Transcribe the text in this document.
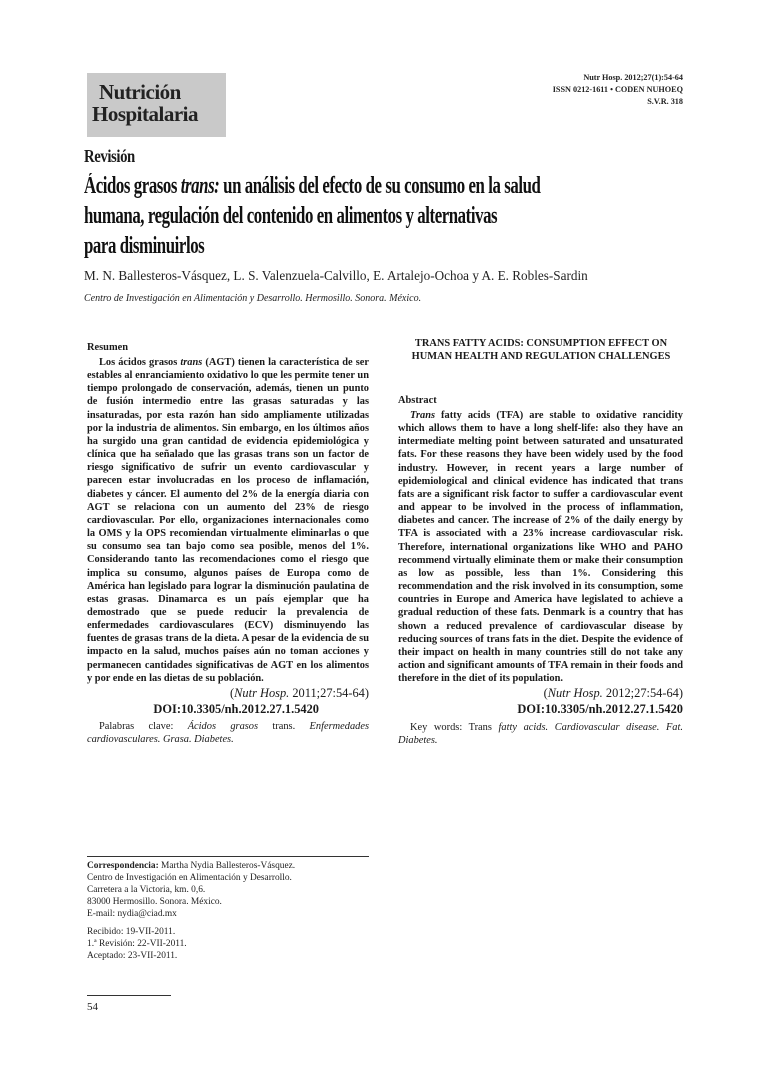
Nutrición
Hospitalaria
Nutr Hosp. 2012;27(1):54-64
ISSN 0212-1611 • CODEN NUHOEQ
S.V.R. 318
Revisión
Ácidos grasos trans: un análisis del efecto de su consumo en la salud
humana, regulación del contenido en alimentos y alternativas
para disminuirlos
M. N. Ballesteros-Vásquez, L. S. Valenzuela-Calvillo, E. Artalejo-Ochoa y A. E. Robles-Sardin
Centro de Investigación en Alimentación y Desarrollo. Hermosillo. Sonora. México.
Resumen

Los ácidos grasos trans (AGT) tienen la característica de ser estables al enranciamiento oxidativo lo que les permite tener un tiempo prolongado de conservación, además, tienen un punto de fusión intermedio entre las grasas saturadas y las insaturadas, por esta razón han sido ampliamente utilizadas por la industria de alimentos. Sin embargo, en los últimos años ha surgido una gran cantidad de evidencia epidemiológica y clínica que ha señalado que las grasas trans son un factor de riesgo significativo de sufrir un evento cardiovascular y parecen estar involucradas en los proceso de inflamación, diabetes y cáncer. El aumento del 2% de la energía diaria con AGT se relaciona con un aumento del 23% de riesgo cardiovascular. Por ello, organizaciones internacionales como la OMS y la OPS recomiendan virtualmente eliminarlas o que su consumo sea tan bajo como sea posible, menos del 1%. Considerando tanto las recomendaciones como el riesgo que implica su consumo, algunos países de Europa como de América han legislado para lograr la disminución paulatina de estas grasas. Dinamarca es un país ejemplar que ha demostrado que se puede reducir la prevalencia de enfermedades cardiovasculares (ECV) disminuyendo las fuentes de grasas trans de la dieta. A pesar de la evidencia de su impacto en la salud, muchos países aún no toman acciones y permanecen cantidades significativas de AGT en los alimentos y por ende en las dietas de su población.

(Nutr Hosp. 2011;27:54-64)
DOI:10.3305/nh.2012.27.1.5420
Palabras clave: Ácidos grasos trans. Enfermedades cardiovasculares. Grasa. Diabetes.
TRANS FATTY ACIDS: CONSUMPTION EFFECT ON HUMAN HEALTH AND REGULATION CHALLENGES
Abstract

Trans fatty acids (TFA) are stable to oxidative rancidity which allows them to have a long shelf-life: also they have an intermediate melting point between saturated and unsaturated fats. For these reasons they have been widely used by the food industry. However, in recent years a large number of epidemiological and clinical evidence has indicated that trans fats are a significant risk factor to suffer a cardiovascular event and appear to be involved in the process of inflammation, diabetes and cancer. The increase of 2% of the daily energy by TFA is associated with a 23% increase cardiovascular risk. Therefore, international organizations like WHO and PAHO recommend virtually eliminate them or make their consumption as low as possible, less than 1%. Considering this recommendation and the risk involved in its consumption, some countries in Europe and America have legislated to achieve a gradual reduction of these fats. Denmark is a country that has shown a reduced prevalence of cardiovascular disease by reducing sources of trans fats in the diet. Despite the evidence of their impact on health in many countries still do not take any action and significant amounts of TFA remain in their foods and therefore in the diet of its population.

(Nutr Hosp. 2012;27:54-64)
DOI:10.3305/nh.2012.27.1.5420
Key words: Trans fatty acids. Cardiovascular disease. Fat. Diabetes.
Correspondencia: Martha Nydia Ballesteros-Vásquez.
Centro de Investigación en Alimentación y Desarrollo.
Carretera a la Victoria, km. 0,6.
83000 Hermosillo. Sonora. México.
E-mail: nydia@ciad.mx
Recibido: 19-VII-2011.
1.ª Revisión: 22-VII-2011.
Aceptado: 23-VII-2011.
54
